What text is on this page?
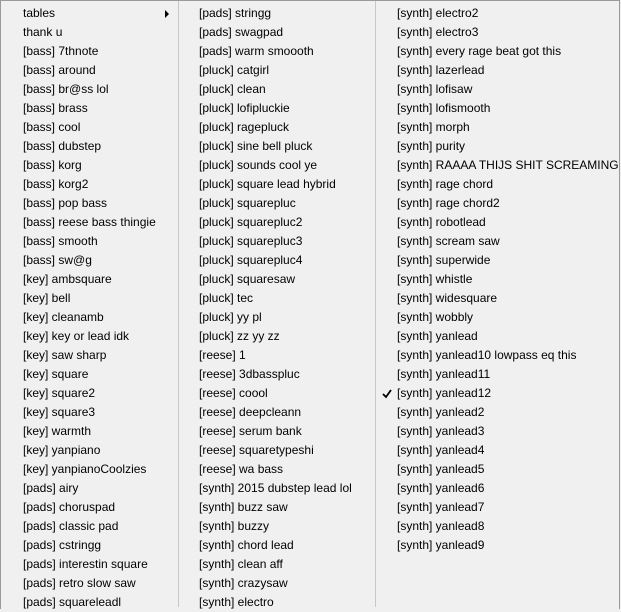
tables
thank u
[bass] 7thnote
[bass] around
[bass] br@ss lol
[bass] brass
[bass] cool
[bass] dubstep
[bass] korg
[bass] korg2
[bass] pop bass
[bass] reese bass thingie
[bass] smooth
[bass] sw@g
[key] ambsquare
[key] bell
[key] cleanamb
[key] key or lead idk
[key] saw sharp
[key] square
[key] square2
[key] square3
[key] warmth
[key] yanpiano
[key] yanpianoCoolzies
[pads] airy
[pads] choruspad
[pads] classic pad
[pads] cstringg
[pads] interestin square
[pads] retro slow saw
[pads] squareleadl
[pads] stringg
[pads] swagpad
[pads] warm smoooth
[pluck] catgirl
[pluck] clean
[pluck] lofipluckie
[pluck] ragepluck
[pluck] sine bell pluck
[pluck] sounds cool ye
[pluck] square lead hybrid
[pluck] squarepluc
[pluck] squarepluc2
[pluck] squarepluc3
[pluck] squarepluc4
[pluck] squaresaw
[pluck] tec
[pluck] yy pl
[pluck] zz yy zz
[reese] 1
[reese] 3dbasspluc
[reese] coool
[reese] deepcleann
[reese] serum bank
[reese] squaretypeshi
[reese] wa bass
[synth] 2015 dubstep lead lol
[synth] buzz saw
[synth] buzzy
[synth] chord lead
[synth] clean aff
[synth] crazysaw
[synth] electro
[synth] electro2
[synth] electro3
[synth] every rage beat got this
[synth] lazerlead
[synth] lofisaw
[synth] lofismooth
[synth] morph
[synth] purity
[synth] RAAAA THIJS SHIT SCREAMING
[synth] rage chord
[synth] rage chord2
[synth] robotlead
[synth] scream saw
[synth] superwide
[synth] whistle
[synth] widesquare
[synth] wobbly
[synth] yanlead
[synth] yanlead10 lowpass eq this
[synth] yanlead11
[synth] yanlead12
[synth] yanlead2
[synth] yanlead3
[synth] yanlead4
[synth] yanlead5
[synth] yanlead6
[synth] yanlead7
[synth] yanlead8
[synth] yanlead9
